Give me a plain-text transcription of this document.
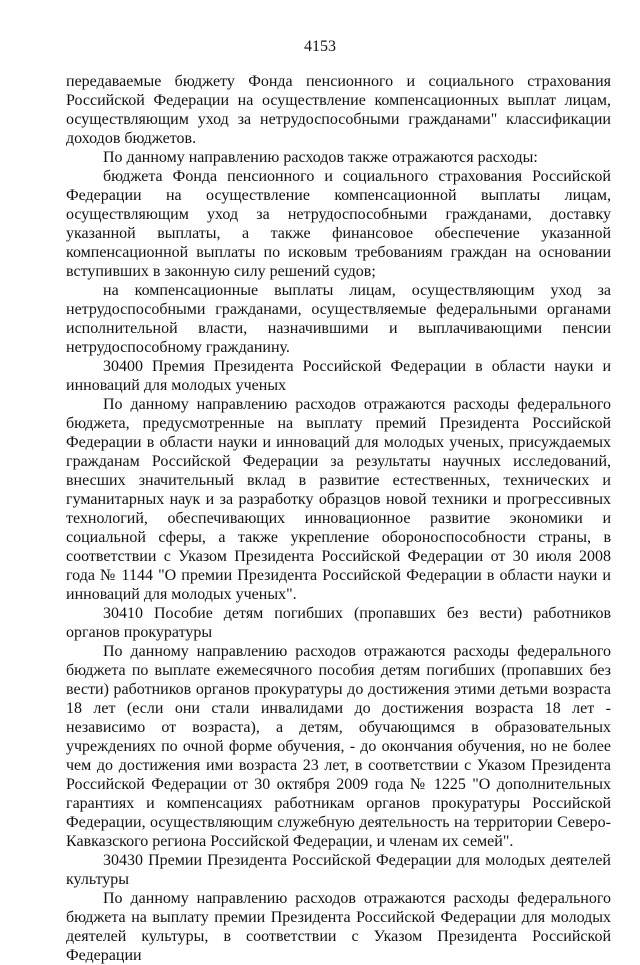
4153

передаваемые бюджету Фонда пенсионного и социального страхования Российской Федерации на осуществление компенсационных выплат лицам, осуществляющим уход за нетрудоспособными гражданами" классификации доходов бюджетов.

По данному направлению расходов также отражаются расходы:

бюджета Фонда пенсионного и социального страхования Российской Федерации на осуществление компенсационной выплаты лицам, осуществляющим уход за нетрудоспособными гражданами, доставку указанной выплаты, а также финансовое обеспечение указанной компенсационной выплаты по исковым требованиям граждан на основании вступивших в законную силу решений судов;

на компенсационные выплаты лицам, осуществляющим уход за нетрудоспособными гражданами, осуществляемые федеральными органами исполнительной власти, назначившими и выплачивающими пенсии нетрудоспособному гражданину.

30400 Премия Президента Российской Федерации в области науки и инноваций для молодых ученых

По данному направлению расходов отражаются расходы федерального бюджета, предусмотренные на выплату премий Президента Российской Федерации в области науки и инноваций для молодых ученых, присуждаемых гражданам Российской Федерации за результаты научных исследований, внесших значительный вклад в развитие естественных, технических и гуманитарных наук и за разработку образцов новой техники и прогрессивных технологий, обеспечивающих инновационное развитие экономики и социальной сферы, а также укрепление обороноспособности страны, в соответствии с Указом Президента Российской Федерации от 30 июля 2008 года № 1144 "О премии Президента Российской Федерации в области науки и инноваций для молодых ученых".

30410 Пособие детям погибших (пропавших без вести) работников органов прокуратуры

По данному направлению расходов отражаются расходы федерального бюджета по выплате ежемесячного пособия детям погибших (пропавших без вести) работников органов прокуратуры до достижения этими детьми возраста 18 лет (если они стали инвалидами до достижения возраста 18 лет - независимо от возраста), а детям, обучающимся в образовательных учреждениях по очной форме обучения, - до окончания обучения, но не более чем до достижения ими возраста 23 лет, в соответствии с Указом Президента Российской Федерации от 30 октября 2009 года № 1225 "О дополнительных гарантиях и компенсациях работникам органов прокуратуры Российской Федерации, осуществляющим служебную деятельность на территории Северо-Кавказского региона Российской Федерации, и членам их семей".

30430 Премии Президента Российской Федерации для молодых деятелей культуры

По данному направлению расходов отражаются расходы федерального бюджета на выплату премии Президента Российской Федерации для молодых деятелей культуры, в соответствии с Указом Президента Российской Федерации
